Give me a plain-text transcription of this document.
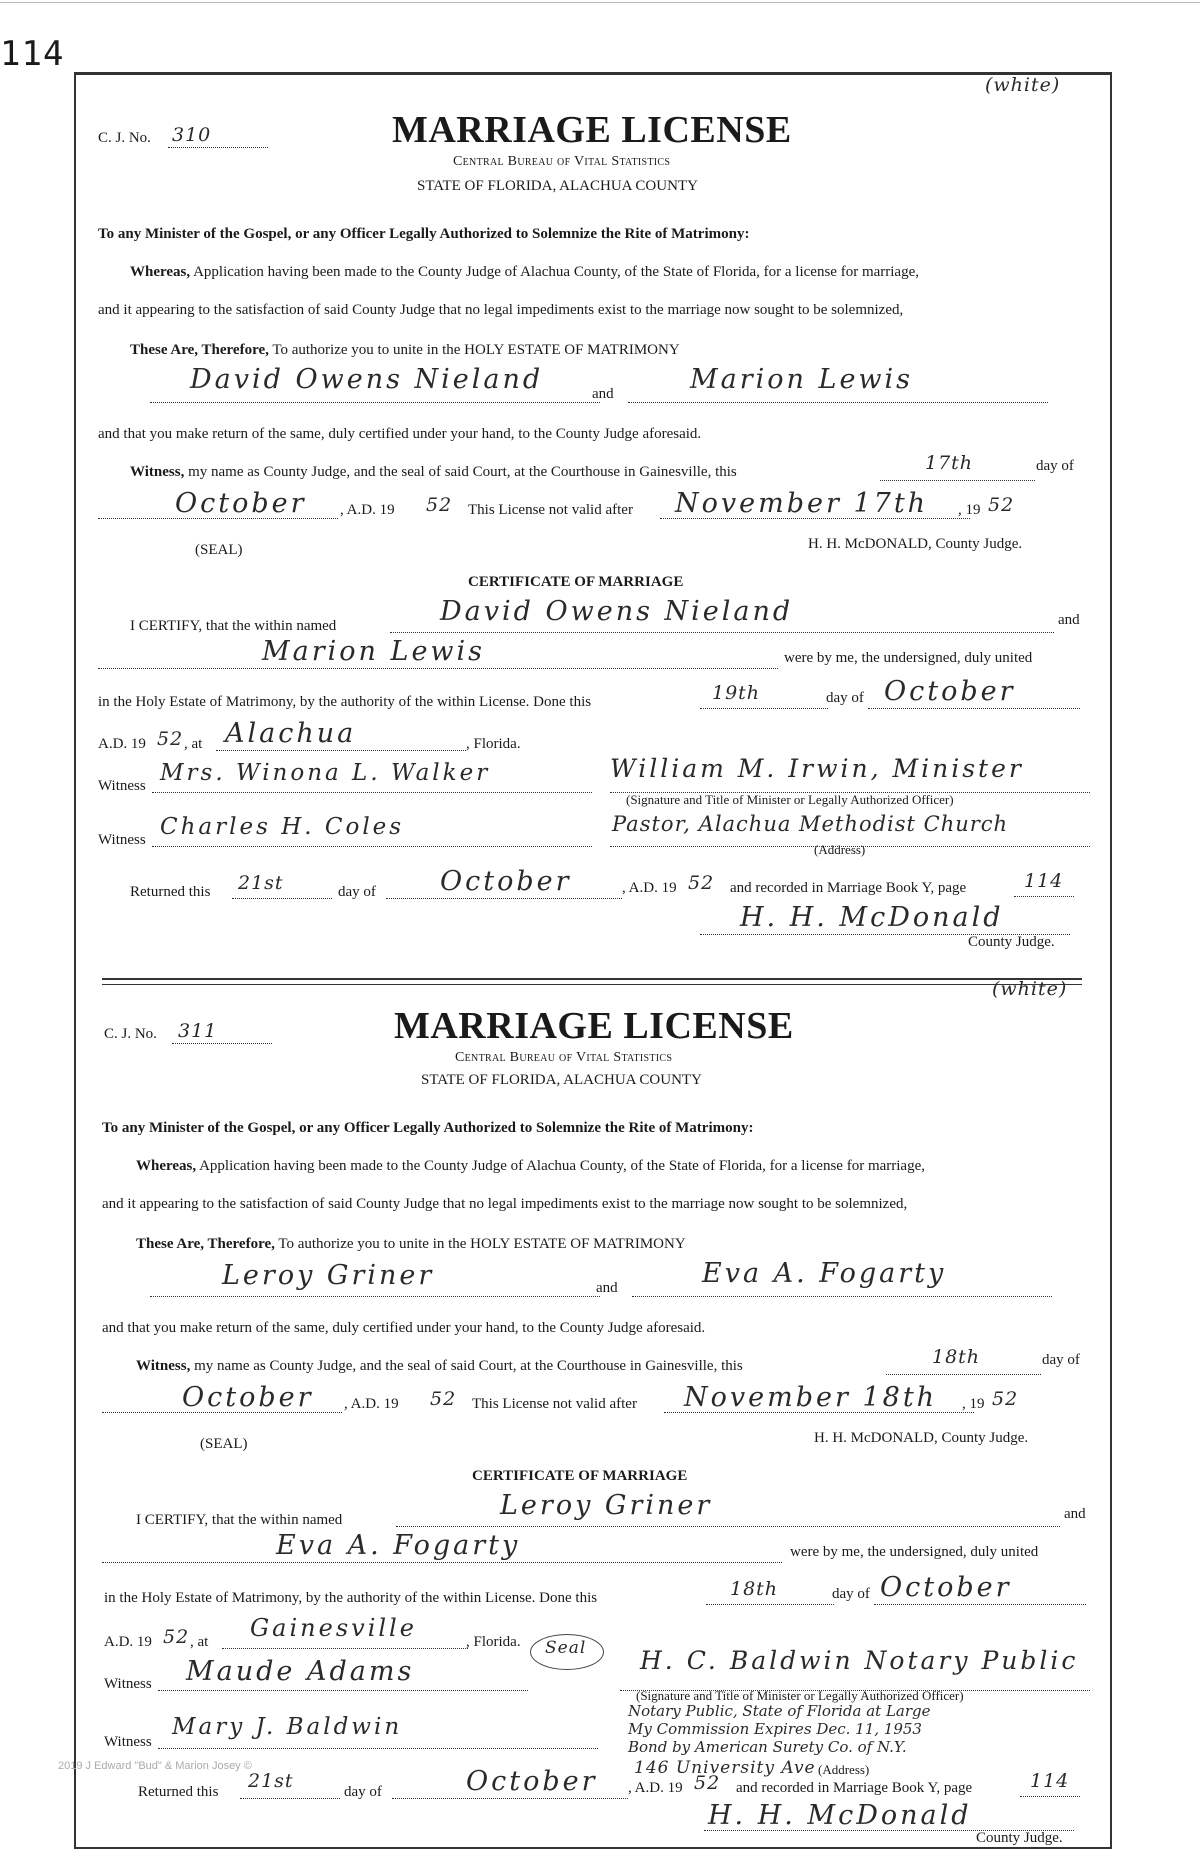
114
(white)
C. J. No. 310	MARRIAGE LICENSE
Central Bureau of Vital Statistics
STATE OF FLORIDA, ALACHUA COUNTY
To any Minister of the Gospel, or any Officer Legally Authorized to Solemnize the Rite of Matrimony:
Whereas, Application having been made to the County Judge of Alachua County, of the State of Florida, for a license for marriage,
and it appearing to the satisfaction of said County Judge that no legal impediments exist to the marriage now sought to be solemnized,
These Are, Therefore, To authorize you to unite in the HOLY ESTATE OF MATRIMONY
David Owens Nieland	and	Marion Lewis
and that you make return of the same, duly certified under your hand, to the County Judge aforesaid.
Witness, my name as County Judge, and the seal of said Court, at the Courthouse in Gainesville, this	17th	day of
October , A.D. 19 52 This License not valid after November 17th , 19 52
(SEAL)	H. H. McDONALD, County Judge.
CERTIFICATE OF MARRIAGE
I CERTIFY, that the within named	David Owens Nieland	and
Marion Lewis	were by me, the undersigned, duly united
in the Holy Estate of Matrimony, by the authority of the within License. Done this	19th	day of October
A.D. 19 52 , at Alachua	, Florida.
Witness Mrs. Winona L. Walker	William M. Irwin, Minister
(Signature and Title of Minister or Legally Authorized Officer)
Witness Charles H. Coles	Pastor, Alachua Methodist Church
(Address)
Returned this 21st	day of October	, A.D. 19 52 and recorded in Marriage Book Y, page	114
H. H. McDonald
County Judge.
(white)
C. J. No. 311	MARRIAGE LICENSE
Central Bureau of Vital Statistics
STATE OF FLORIDA, ALACHUA COUNTY
To any Minister of the Gospel, or any Officer Legally Authorized to Solemnize the Rite of Matrimony:
Whereas, Application having been made to the County Judge of Alachua County, of the State of Florida, for a license for marriage,
and it appearing to the satisfaction of said County Judge that no legal impediments exist to the marriage now sought to be solemnized,
These Are, Therefore, To authorize you to unite in the HOLY ESTATE OF MATRIMONY
Leroy Griner	and	Eva A. Fogarty
and that you make return of the same, duly certified under your hand, to the County Judge aforesaid.
Witness, my name as County Judge, and the seal of said Court, at the Courthouse in Gainesville, this	18th	day of
October , A.D. 19 52 This License not valid after November 18th , 19 52
(SEAL)	H. H. McDONALD, County Judge.
CERTIFICATE OF MARRIAGE
I CERTIFY, that the within named	Leroy Griner	and
Eva A. Fogarty	were by me, the undersigned, duly united
in the Holy Estate of Matrimony, by the authority of the within License. Done this	18th	day of October
A.D. 19 52 , at Gainesville	, Florida.
Witness Maude Adams
Seal H. C. Baldwin Notary Public
(Signature and Title of Minister or Legally Authorized Officer)
Notary Public, State of Florida at Large
My Commission Expires Dec. 11, 1953
Bond by American Surety Co. of N.Y.
Witness
Mary J. Baldwin
146 University Ave (Address)
2019 J Edward "Bud" & Marion Josey ©
Returned this 21st	day of	October , A.D. 19 52 and recorded in Marriage Book Y, page	114
H. H. McDonald
County Judge.
